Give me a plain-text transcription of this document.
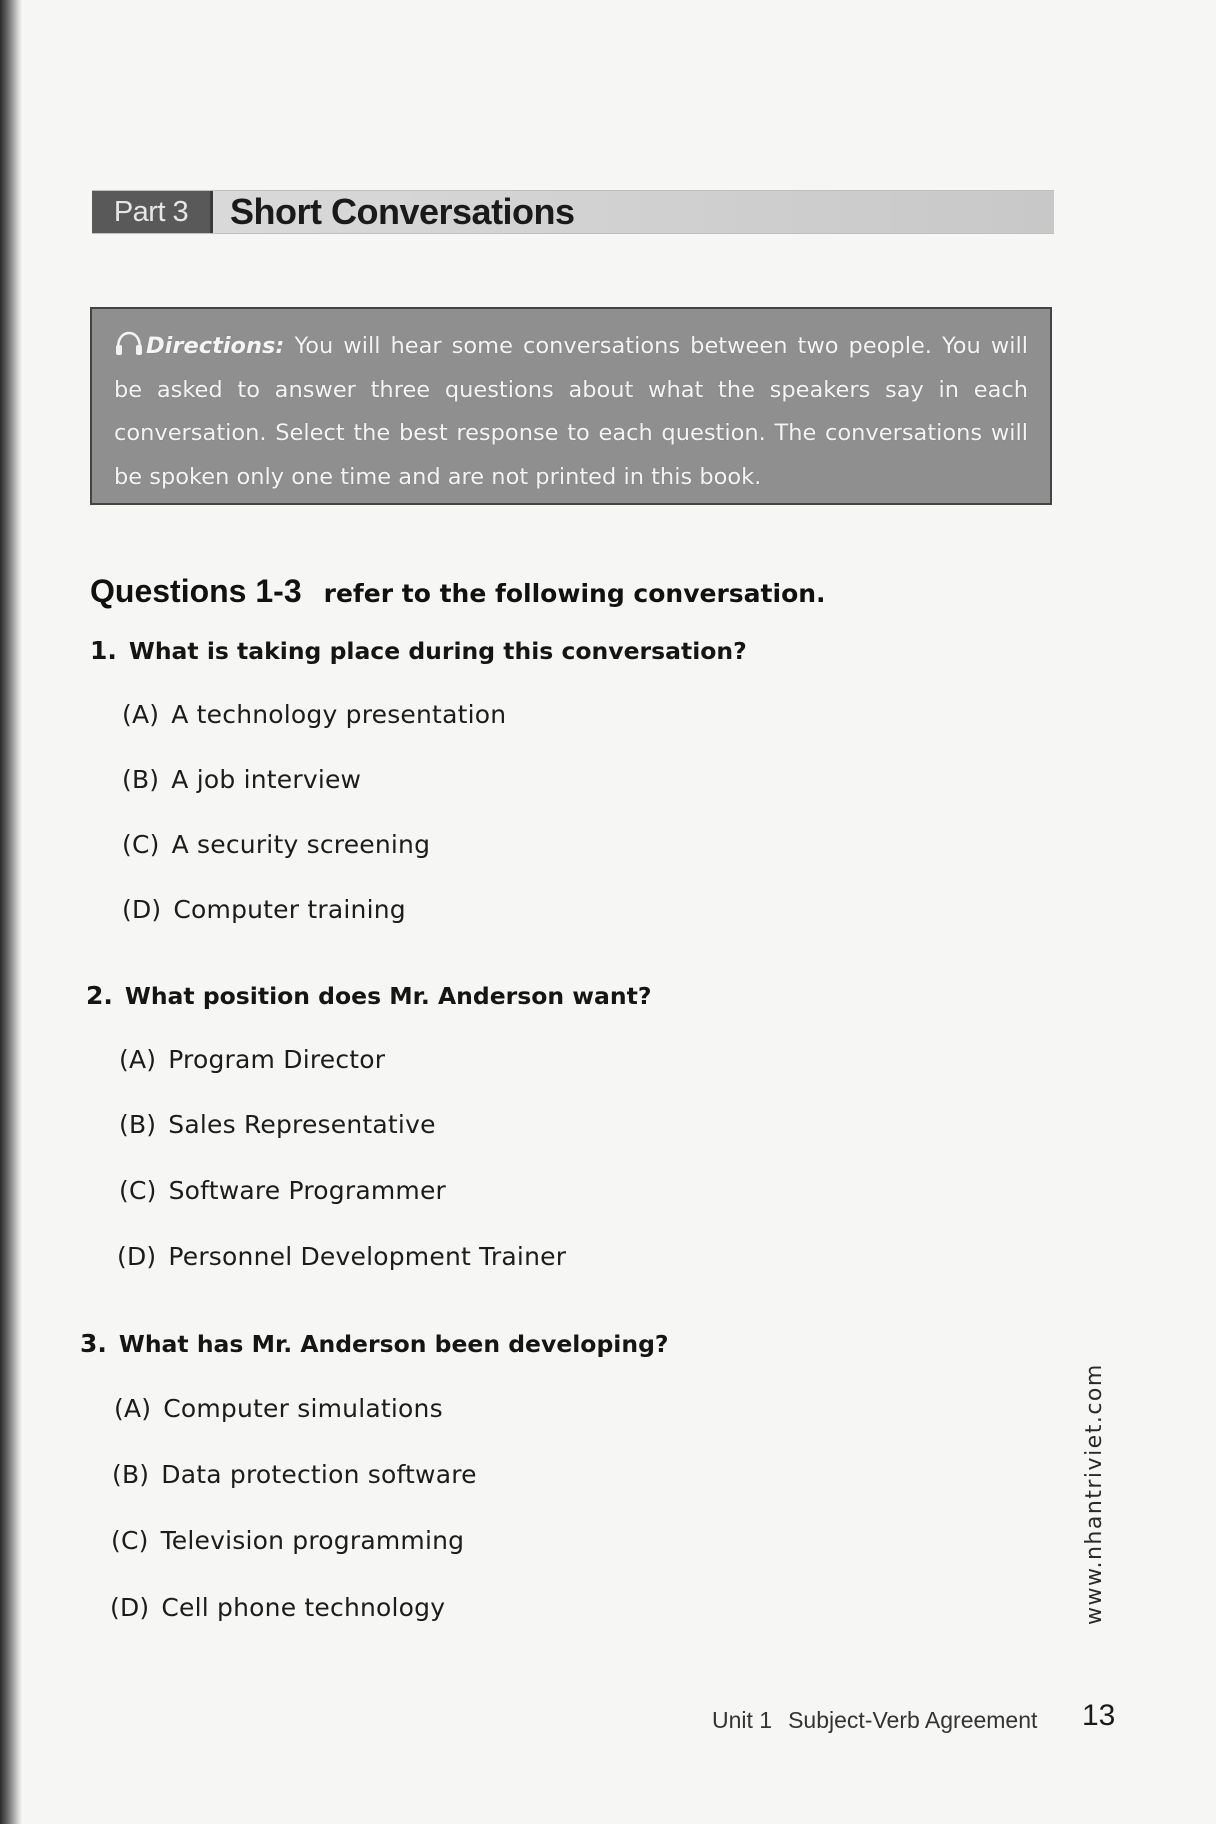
Part 3	Short Conversations
Directions: You will hear some conversations between two people. You will be asked to answer three questions about what the speakers say in each conversation. Select the best response to each question. The conversations will be spoken only one time and are not printed in this book.
Questions 1-3 refer to the following conversation.
1. What is taking place during this conversation?
(A) A technology presentation
(B) A job interview
(C) A security screening
(D) Computer training
2. What position does Mr. Anderson want?
(A) Program Director
(B) Sales Representative
(C) Software Programmer
(D) Personnel Development Trainer
3. What has Mr. Anderson been developing?
(A) Computer simulations
(B) Data protection software
(C) Television programming
(D) Cell phone technology	www.nhantriviet.com
Unit 1 Subject-Verb Agreement 13
